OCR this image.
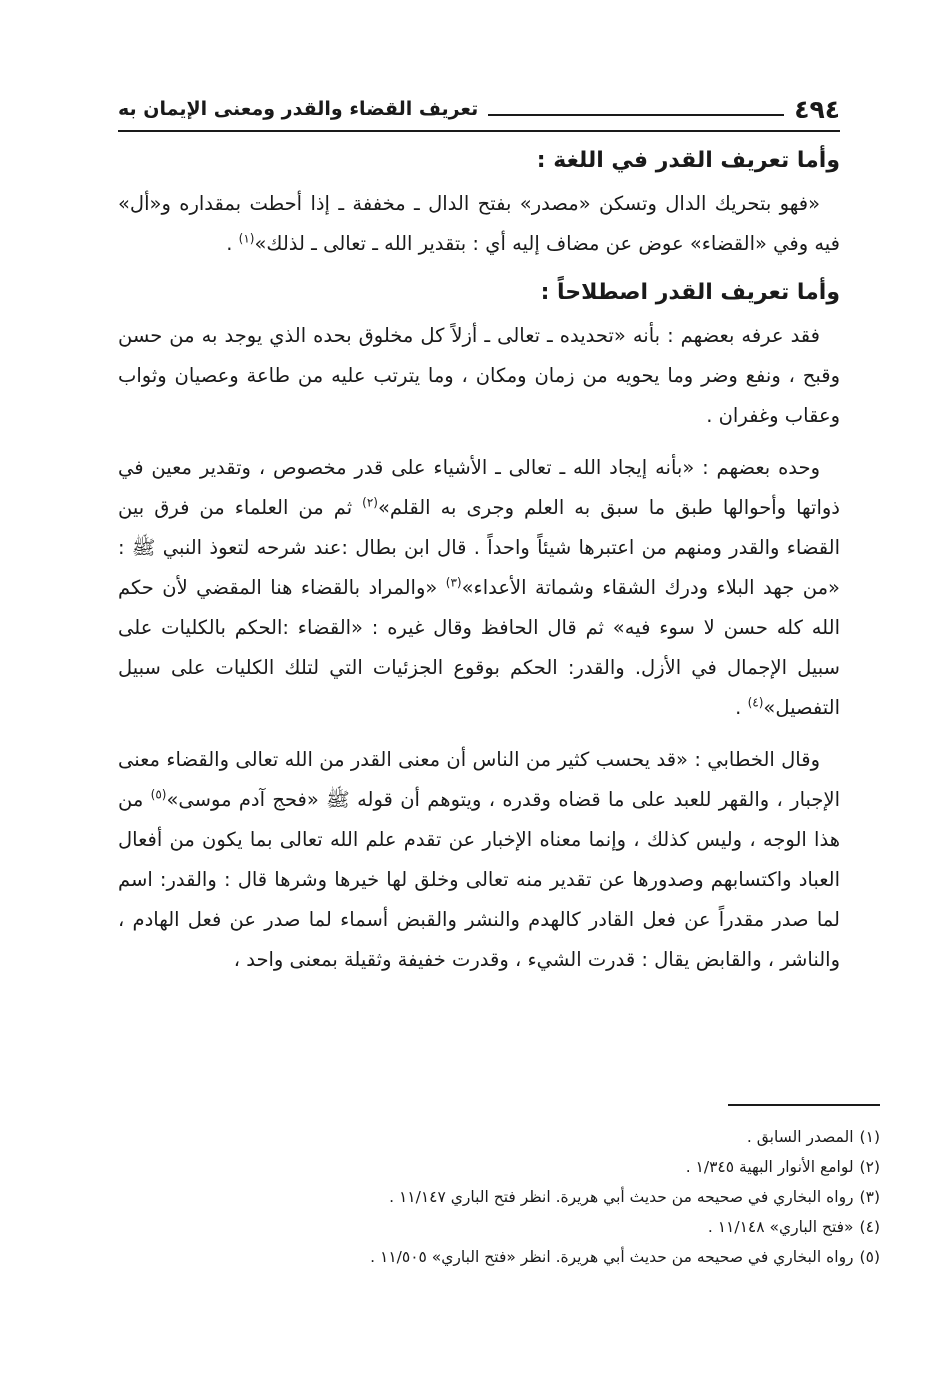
٤٩٤
تعريف القضاء والقدر ومعنى الإيمان به
وأما تعريف القدر في اللغة :

«فهو بتحريك الدال وتسكن «مصدر» بفتح الدال ـ مخففة ـ إذا أحطت بمقداره و«أل» فيه وفي «القضاء» عوض عن مضاف إليه أي : بتقدير الله ـ تعالى ـ لذلك»$^{(١)}$ .

وأما تعريف القدر اصطلاحاً :

فقد عرفه بعضهم : بأنه «تحديده ـ تعالى ـ أزلاً كل مخلوق بحده الذي يوجد به من حسن وقبح ، ونفع وضر وما يحويه من زمان ومكان ، وما يترتب عليه من طاعة وعصيان وثواب وعقاب وغفران .

وحده بعضهم : «بأنه إيجاد الله ـ تعالى ـ الأشياء على قدر مخصوص ، وتقدير معين في ذواتها وأحوالها طبق ما سبق به العلم وجرى به القلم»$^{(٢)}$ ثم من العلماء من فرق بين القضاء والقدر ومنهم من اعتبرها شيئاً واحداً . قال ابن بطال :عند شرحه لتعوذ النبي ﷺ : «من جهد البلاء ودرك الشقاء وشماتة الأعداء»$^{(٣)}$ «والمراد بالقضاء هنا المقضي لأن حكم الله كله حسن لا سوء فيه» ثم قال الحافظ وقال غيره : «القضاء :الحكم بالكليات على سبيل الإجمال في الأزل. والقدر: الحكم بوقوع الجزئيات التي لتلك الكليات على سبيل التفصيل»$^{(٤)}$ .

وقال الخطابي : «قد يحسب كثير من الناس أن معنى القدر من الله تعالى والقضاء معنى الإجبار ، والقهر للعبد على ما قضاه وقدره ، ويتوهم أن قوله ﷺ «فحج آدم موسى»$^{(٥)}$ من هذا الوجه ، وليس كذلك ، وإنما معناه الإخبار عن تقدم علم الله تعالى بما يكون من أفعال العباد واكتسابهم وصدورها عن تقدير منه تعالى وخلق لها خيرها وشرها قال : والقدر: اسم لما صدر مقدراً عن فعل القادر كالهدم والنشر والقبض أسماء لما صدر عن فعل الهادم ، والناشر ، والقابض يقال : قدرت الشيء ، وقدرت خفيفة وثقيلة بمعنى واحد ،

(١)المصدر السابق .

(٢)لوامع الأنوار البهية ١/٣٤٥ .

(٣)رواه البخاري في صحيحه من حديث أبي هريرة. انظر فتح الباري ١١/١٤٧ .

(٤)«فتح الباري» ١١/١٤٨ .

(٥)رواه البخاري في صحيحه من حديث أبي هريرة. انظر «فتح الباري» ١١/٥٠٥ .
